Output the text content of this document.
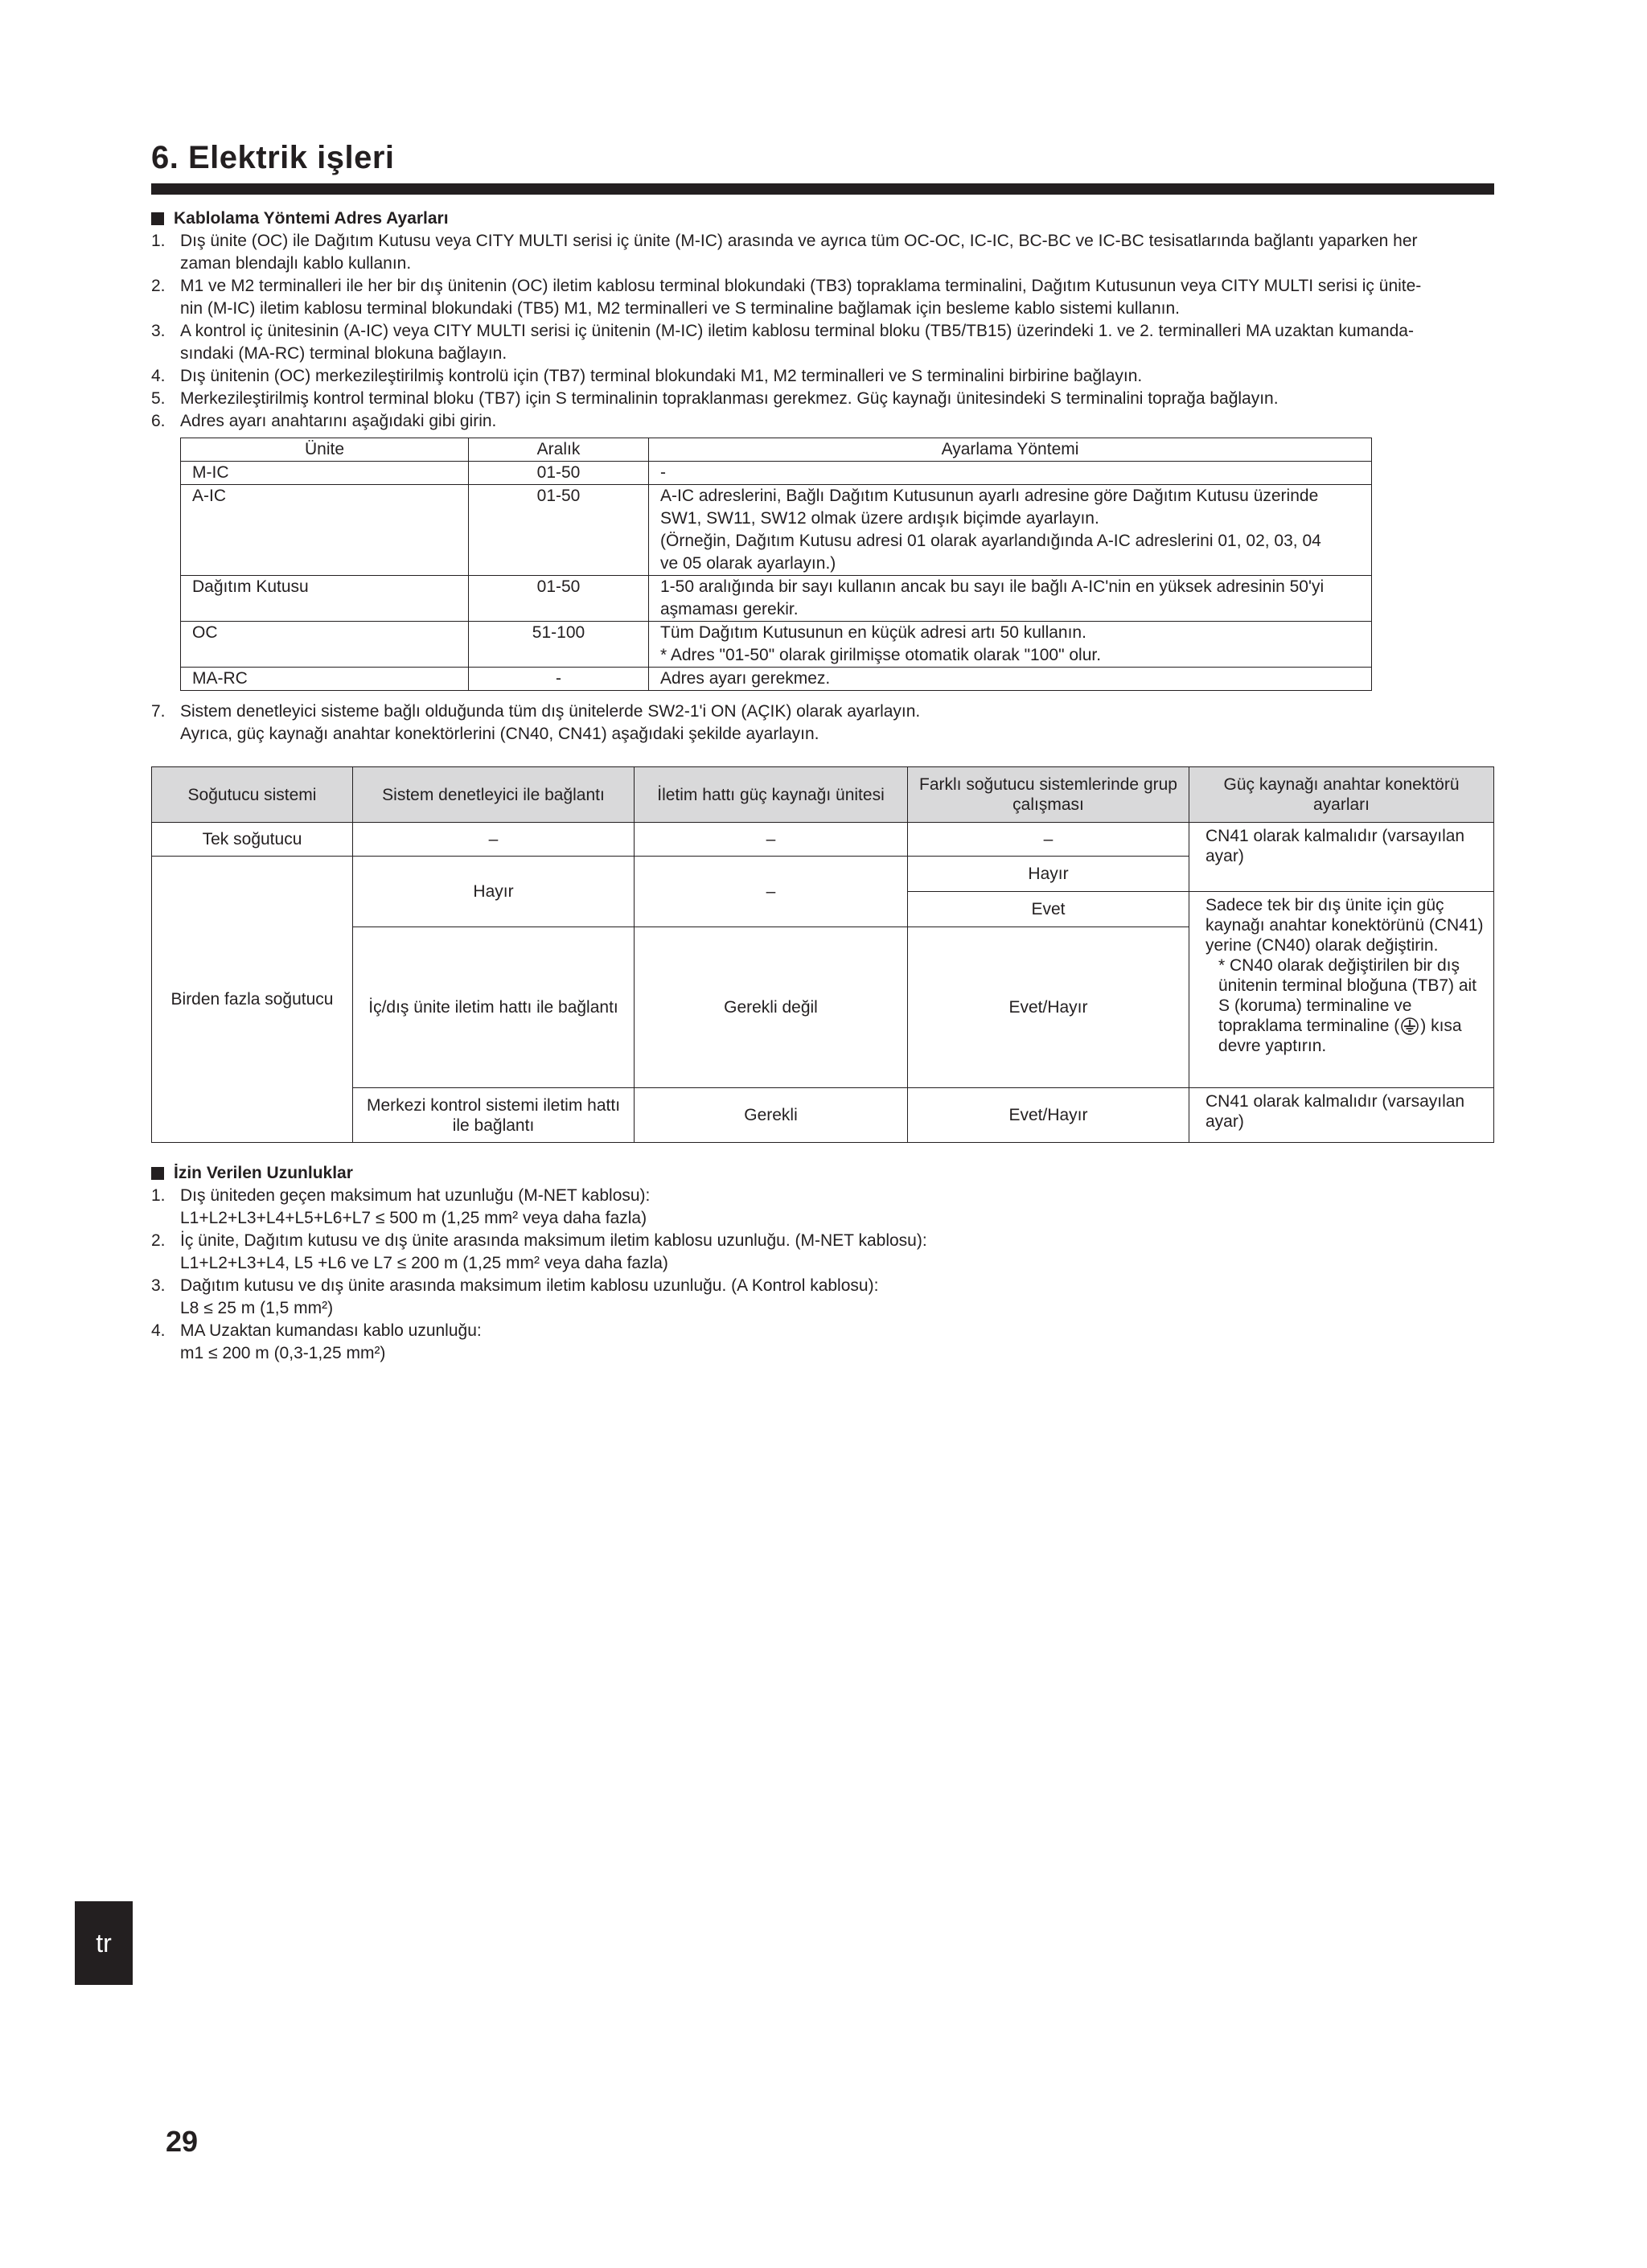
6. Elektrik işleri
Kablolama Yöntemi Adres Ayarları
1. Dış ünite (OC) ile Dağıtım Kutusu veya CITY MULTI serisi iç ünite (M-IC) arasında ve ayrıca tüm OC-OC, IC-IC, BC-BC ve IC-BC tesisatlarında bağlantı yaparken her
zaman blendajlı kablo kullanın.
2. M1 ve M2 terminalleri ile her bir dış ünitenin (OC) iletim kablosu terminal blokundaki (TB3) topraklama terminalini, Dağıtım Kutusunun veya CITY MULTI serisi iç ünite-
nin (M-IC) iletim kablosu terminal blokundaki (TB5) M1, M2 terminalleri ve S terminaline bağlamak için besleme kablo sistemi kullanın.
3. A kontrol iç ünitesinin (A-IC) veya CITY MULTI serisi iç ünitenin (M-IC) iletim kablosu terminal bloku (TB5/TB15) üzerindeki 1. ve 2. terminalleri MA uzaktan kumanda-
sındaki (MA-RC) terminal blokuna bağlayın.
4. Dış ünitenin (OC) merkezileştirilmiş kontrolü için (TB7) terminal blokundaki M1, M2 terminalleri ve S terminalini birbirine bağlayın.
5. Merkezileştirilmiş kontrol terminal bloku (TB7) için S terminalinin topraklanması gerekmez. Güç kaynağı ünitesindeki S terminalini toprağa bağlayın.
6. Adres ayarı anahtarını aşağıdaki gibi girin.
Ünite	Aralık	Ayarlama Yöntemi
M-IC	01-50	-

A-IC	01-50	A-IC adreslerini, Bağlı Dağıtım Kutusunun ayarlı adresine göre Dağıtım Kutusu üzerinde
SW1, SW11, SW12 olmak üzere ardışık biçimde ayarlayın.
(Örneğin, Dağıtım Kutusu adresi 01 olarak ayarlandığında A-IC adreslerini 01, 02, 03, 04
ve 05 olarak ayarlayın.)

Dağıtım Kutusu	01-50	1-50 aralığında bir sayı kullanın ancak bu sayı ile bağlı A-IC'nin en yüksek adresinin 50'yi
aşmaması gerekir.

OC	51-100	Tüm Dağıtım Kutusunun en küçük adresi artı 50 kullanın.
* Adres "01-50" olarak girilmişse otomatik olarak "100" olur.

MA-RC	-	Adres ayarı gerekmez.
7. Sistem denetleyici sisteme bağlı olduğunda tüm dış ünitelerde SW2-1'i ON (AÇIK) olarak ayarlayın.
Ayrıca, güç kaynağı anahtar konektörlerini (CN40, CN41) aşağıdaki şekilde ayarlayın.
Soğutucu sistemi	Sistem denetleyici ile bağlantı	İletim hattı güç kaynağı ünitesi	Farklı soğutucu sistemlerinde grup çalışması	Güç kaynağı anahtar konektörü ayarları
Tek soğutucu	–	–	–	CN41 olarak kalmalıdır (varsayılan ayar)
Birden fazla soğutucu	Hayır	–	Hayır	
			Evet	Sadece tek bir dış ünite için güç kaynağı anahtar konektörünü (CN41) yerine (CN40) olarak değiştirin.
* CN40 olarak değiştirilen bir dış ünitenin terminal bloğuna (TB7) ait S (koruma) terminaline ve topraklama terminaline ( ) kısa devre yaptırın.

	İç/dış ünite iletim hattı ile bağlantı	Gerekli değil	Evet/Hayır	
	Merkezi kontrol sistemi iletim hattı ile bağlantı	Gerekli	Evet/Hayır	CN41 olarak kalmalıdır (varsayılan ayar)
İzin Verilen Uzunluklar
1. Dış üniteden geçen maksimum hat uzunluğu (M-NET kablosu):
L1+L2+L3+L4+L5+L6+L7 ≤ 500 m (1,25 mm² veya daha fazla)
2. İç ünite, Dağıtım kutusu ve dış ünite arasında maksimum iletim kablosu uzunluğu. (M-NET kablosu):
L1+L2+L3+L4, L5 +L6 ve L7 ≤ 200 m (1,25 mm² veya daha fazla)
3. Dağıtım kutusu ve dış ünite arasında maksimum iletim kablosu uzunluğu. (A Kontrol kablosu):
L8 ≤ 25 m (1,5 mm²)
4. MA Uzaktan kumandası kablo uzunluğu:
m1 ≤ 200 m (0,3-1,25 mm²)
tr
29
